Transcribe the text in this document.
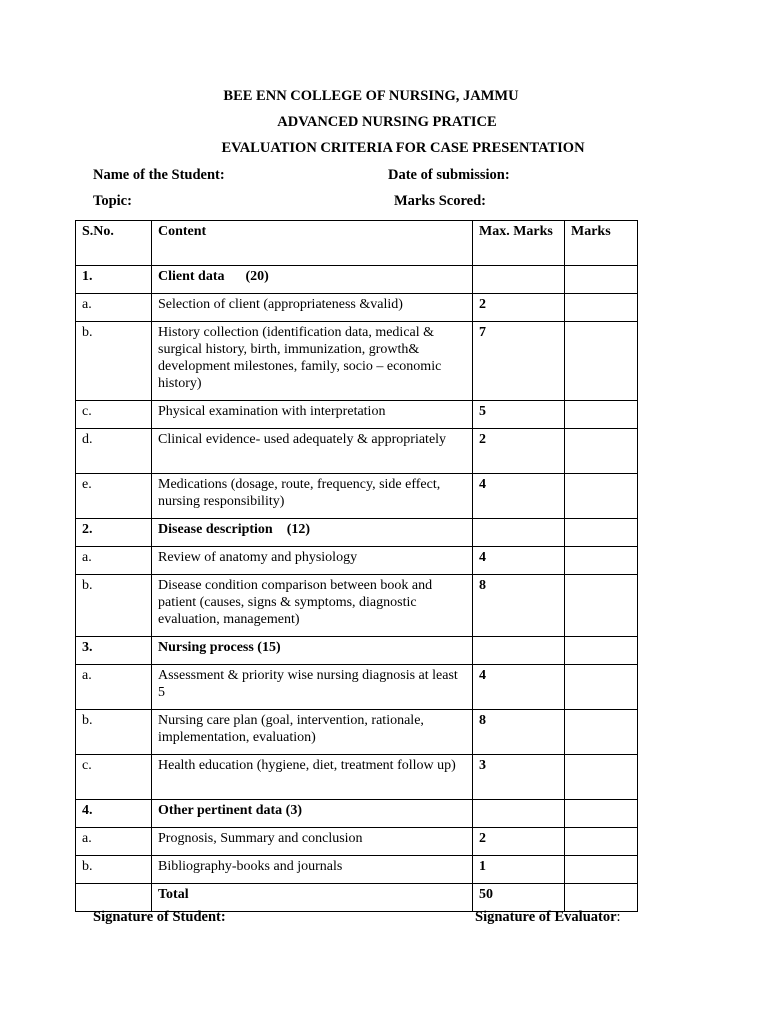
BEE ENN COLLEGE OF NURSING, JAMMU
ADVANCED NURSING PRATICE
EVALUATION CRITERIA FOR CASE PRESENTATION
Name of the Student:	Date of submission:
Topic:	Marks Scored:
S.No.	Content	Max. Marks	Marks
1.	Client data      (20)		
a.	Selection of client (appropriateness &valid)	2	
b.	History collection (identification data, medical & surgical history, birth, immunization, growth& development milestones, family, socio – economic history)	7	
c.	Physical examination with interpretation	5	
d.	Clinical evidence- used adequately & appropriately	2	
e.	Medications (dosage, route, frequency, side effect, nursing responsibility)	4	
2.	Disease description    (12)		
a.	Review of anatomy and physiology	4	
b.	Disease condition comparison between book and patient (causes, signs & symptoms, diagnostic evaluation, management)	8	
3.	Nursing process (15)		
a.	Assessment & priority wise nursing diagnosis at least 5	4	
b.	Nursing care plan (goal, intervention, rationale, implementation, evaluation)	8	
c.	Health education (hygiene, diet, treatment follow up)	3	
4.	Other pertinent data (3)		
a.	Prognosis, Summary and conclusion	2	
b.	Bibliography-books and journals	1	
	Total	50	
Signature of Student:	Signature of Evaluator:
